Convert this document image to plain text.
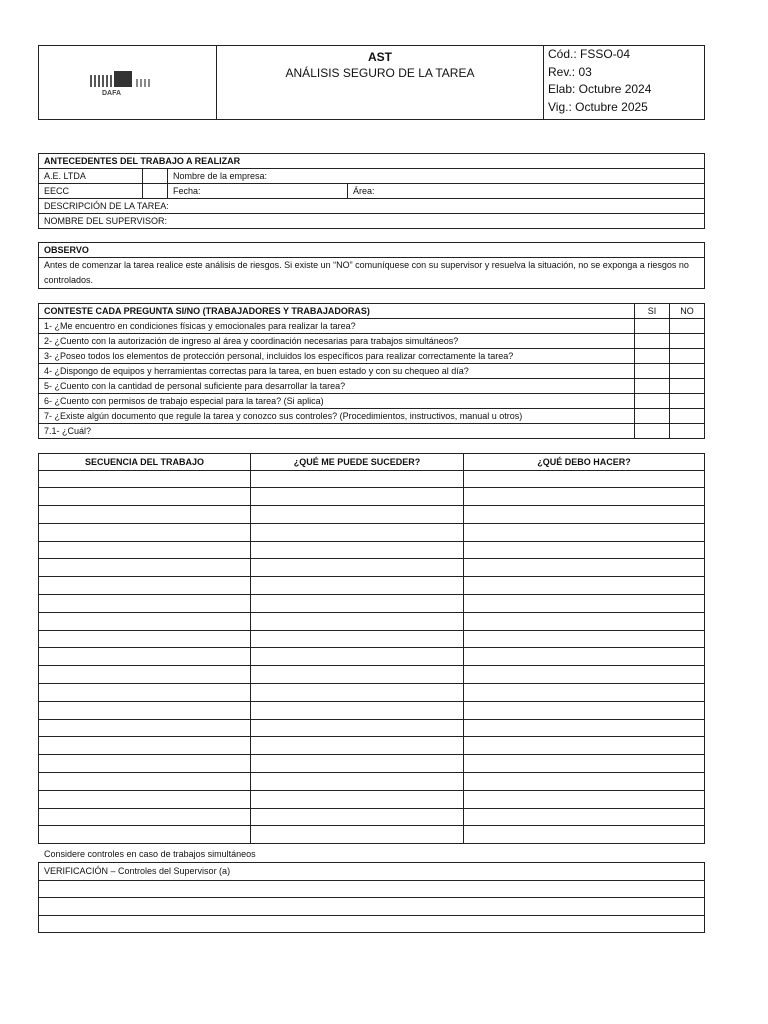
DAFA

AST
ANÁLISIS SEGURO DE LA TAREA

Cód.: FSSO-04
Rev.: 03
Elab: Octubre 2024
Vig.: Octubre 2025
ANTECEDENTES DEL TRABAJO A REALIZAR			
A.E. LTDA		Nombre de la empresa:	
EECC		Fecha:	Área:
DESCRIPCIÓN DE LA TAREA:			
NOMBRE DEL SUPERVISOR:			
OBSERVO
Antes de comenzar la tarea realice este análisis de riesgos. Si existe un “NO” comuníquese con su supervisor y resuelva la situación, no se exponga a riesgos no controlados.
CONTESTE CADA PREGUNTA SI/NO (TRABAJADORES Y TRABAJADORAS)	SI	NO
1- ¿Me encuentro en condiciones físicas y emocionales para realizar la tarea?		
2- ¿Cuento con la autorización de ingreso al área y coordinación necesarias para trabajos simultáneos?		
3- ¿Poseo todos los elementos de protección personal, incluidos los específicos para realizar correctamente la tarea?		
4- ¿Dispongo de equipos y herramientas correctas para la tarea, en buen estado y con su chequeo al día?		
5- ¿Cuento con la cantidad de personal suficiente para desarrollar la tarea?		
6- ¿Cuento con permisos de trabajo especial para la tarea? (Si aplica)		
7- ¿Existe algún documento que regule la tarea y conozco sus controles? (Procedimientos, instructivos, manual u otros)		
7.1- ¿Cuál?		
SECUENCIA DEL TRABAJO	¿QUÉ ME PUEDE SUCEDER?	¿QUÉ DEBO HACER?

Considere controles en caso de trabajos simultáneos
VERIFICACIÓN – Controles del Supervisor (a)
